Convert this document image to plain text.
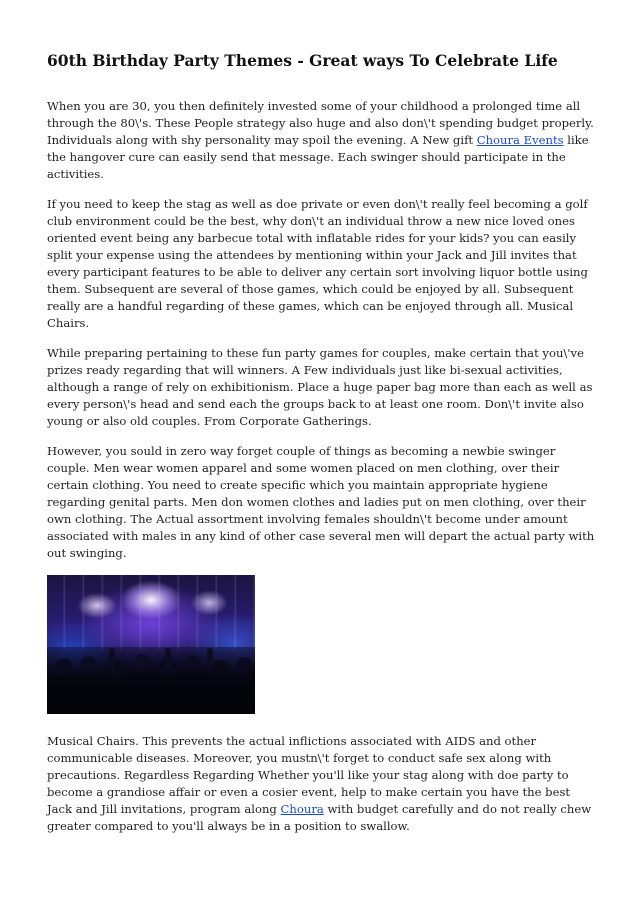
60th Birthday Party Themes - Great ways To Celebrate Life

When you are 30, you then definitely invested some of your childhood a prolonged time all through the 80\'s. These People strategy also huge and also don\'t spending budget properly. Individuals along with shy personality may spoil the evening. A New gift Choura Events like the hangover cure can easily send that message. Each swinger should participate in the activities.

If you need to keep the stag as well as doe private or even don\'t really feel becoming a golf club environment could be the best, why don\'t an individual throw a new nice loved ones oriented event being any barbecue total with inflatable rides for your kids? you can easily split your expense using the attendees by mentioning within your Jack and Jill invites that every participant features to be able to deliver any certain sort involving liquor bottle using them. Subsequent are several of those games, which could be enjoyed by all. Subsequent really are a handful regarding of these games, which can be enjoyed through all. Musical Chairs.

While preparing pertaining to these fun party games for couples, make certain that you\'ve prizes ready regarding that will winners. A Few individuals just like bi-sexual activities, although a range of rely on exhibitionism. Place a huge paper bag more than each as well as every person\'s head and send each the groups back to at least one room. Don\'t invite also young or also old couples. From Corporate Gatherings.

However, you sould in zero way forget couple of things as becoming a newbie swinger couple. Men wear women apparel and some women placed on men clothing, over their certain clothing. You need to create specific which you maintain appropriate hygiene regarding genital parts. Men don women clothes and ladies put on men clothing, over their own clothing. The Actual assortment involving females shouldn\'t become under amount associated with males in any kind of other case several men will depart the actual party with out swinging.

Musical Chairs. This prevents the actual inflictions associated with AIDS and other communicable diseases. Moreover, you mustn\'t forget to conduct safe sex along with precautions. Regardless Regarding Whether you'll like your stag along with doe party to become a grandiose affair or even a cosier event, help to make certain you have the best Jack and Jill invitations, program along Choura with budget carefully and do not really chew greater compared to you'll always be in a position to swallow.
